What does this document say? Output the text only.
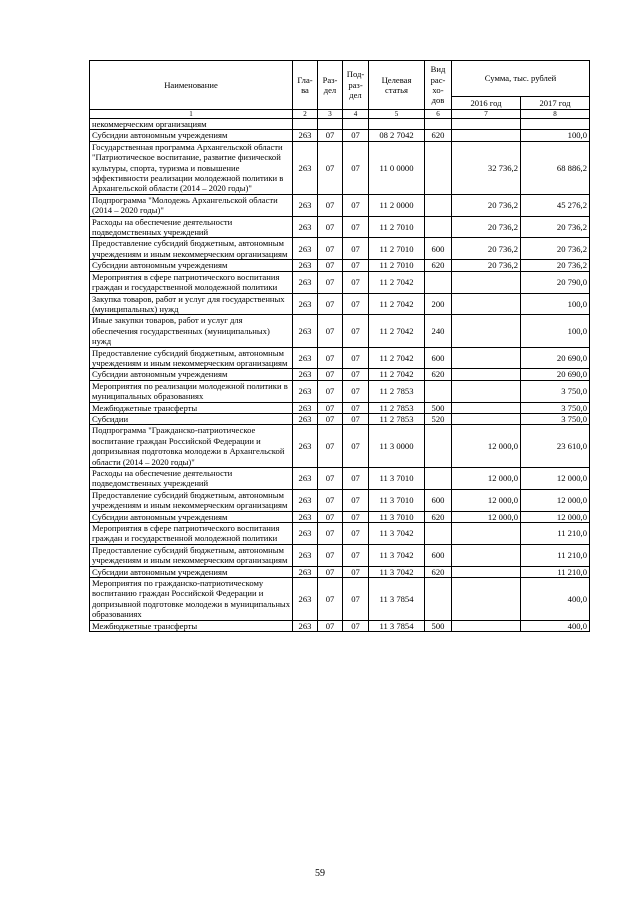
Наименование	Гла-ва	Раз-дел	Под-раз-дел	Целевая статья	Вид рас-хо-дов	Сумма, тыс. рублей	
						2016 год	2017 год
1	2	3	4	5	6	7	8
некоммерческим организациям							
Субсидии автономным учреждениям	263	07	07	08 2 7042	620		100,0
Государственная программа Архангельской области "Патриотическое воспитание, развитие физической культуры, спорта, туризма и повышение эффективности реализации молодежной политики в Архангельской области (2014 – 2020 годы)"	263	07	07	11 0 0000		32 736,2	68 886,2
Подпрограмма "Молодежь Архангельской области (2014 – 2020 годы)"	263	07	07	11 2 0000		20 736,2	45 276,2
Расходы на обеспечение деятельности подведомственных учреждений	263	07	07	11 2 7010		20 736,2	20 736,2
Предоставление субсидий бюджетным, автономным учреждениям и иным некоммерческим организациям	263	07	07	11 2 7010	600	20 736,2	20 736,2
Субсидии автономным учреждениям	263	07	07	11 2 7010	620	20 736,2	20 736,2
Мероприятия в сфере патриотического воспитания граждан и государственной молодежной политики	263	07	07	11 2 7042			20 790,0
Закупка товаров, работ и услуг для государственных (муниципальных) нужд	263	07	07	11 2 7042	200		100,0
Иные закупки товаров, работ и услуг для обеспечения государственных (муниципальных) нужд	263	07	07	11 2 7042	240		100,0
Предоставление субсидий бюджетным, автономным учреждениям и иным некоммерческим организациям	263	07	07	11 2 7042	600		20 690,0
Субсидии автономным учреждениям	263	07	07	11 2 7042	620		20 690,0
Мероприятия по реализации молодежной политики в муниципальных образованиях	263	07	07	11 2 7853			3 750,0
Межбюджетные трансферты	263	07	07	11 2 7853	500		3 750,0
Субсидии	263	07	07	11 2 7853	520		3 750,0
Подпрограмма "Гражданско-патриотическое воспитание граждан Российской Федерации и допризывная подготовка молодежи в Архангельской области (2014 – 2020 годы)"	263	07	07	11 3 0000		12 000,0	23 610,0
Расходы на обеспечение деятельности подведомственных учреждений	263	07	07	11 3 7010		12 000,0	12 000,0
Предоставление субсидий бюджетным, автономным учреждениям и иным некоммерческим организациям	263	07	07	11 3 7010	600	12 000,0	12 000,0
Субсидии автономным учреждениям	263	07	07	11 3 7010	620	12 000,0	12 000,0
Мероприятия в сфере патриотического воспитания граждан и государственной молодежной политики	263	07	07	11 3 7042			11 210,0
Предоставление субсидий бюджетным, автономным учреждениям и иным некоммерческим организациям	263	07	07	11 3 7042	600		11 210,0
Субсидии автономным учреждениям	263	07	07	11 3 7042	620		11 210,0
Мероприятия по гражданско-патриотическому воспитанию граждан Российской Федерации и допризывной подготовке молодежи в муниципальных образованиях	263	07	07	11 3 7854			400,0
Межбюджетные трансферты	263	07	07	11 3 7854	500		400,0
59
